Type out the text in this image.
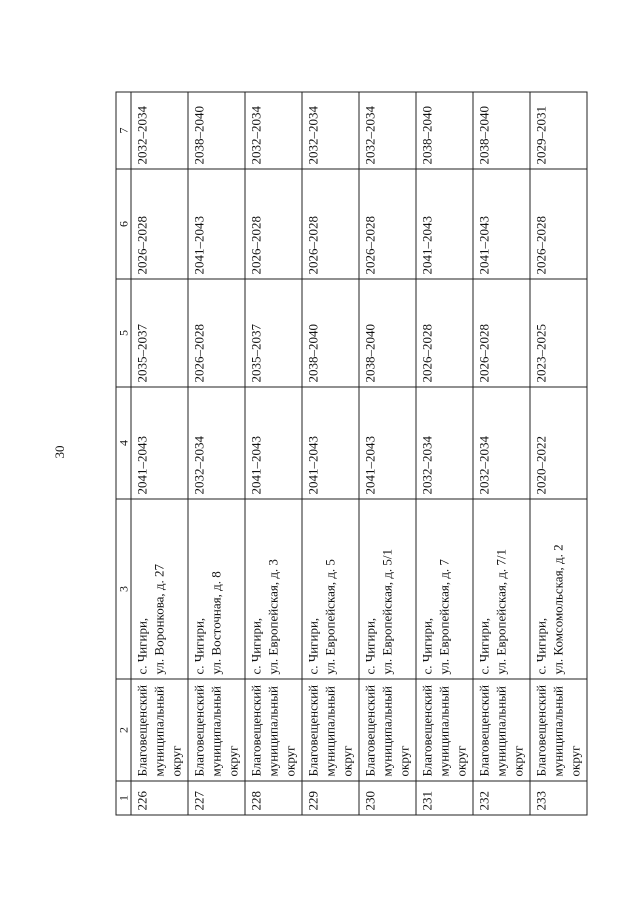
30
1	2	3	4	5	6	7
226	Благовещенский муниципальный округ	с. Чигири, ул. Воронкова, д. 27	2041–2043	2035–2037	2026–2028	2032–2034
227	Благовещенский муниципальный округ	с. Чигири, ул. Восточная, д. 8	2032–2034	2026–2028	2041–2043	2038–2040
228	Благовещенский муниципальный округ	с. Чигири, ул. Европейская, д. 3	2041–2043	2035–2037	2026–2028	2032–2034
229	Благовещенский муниципальный округ	с. Чигири, ул. Европейская, д. 5	2041–2043	2038–2040	2026–2028	2032–2034
230	Благовещенский муниципальный округ	с. Чигири, ул. Европейская, д. 5/1	2041–2043	2038–2040	2026–2028	2032–2034
231	Благовещенский муниципальный округ	с. Чигири, ул. Европейская, д. 7	2032–2034	2026–2028	2041–2043	2038–2040
232	Благовещенский муниципальный округ	с. Чигири, ул. Европейская, д. 7/1	2032–2034	2026–2028	2041–2043	2038–2040
233	Благовещенский муниципальный округ	с. Чигири, ул. Комсомольская, д. 2	2020–2022	2023–2025	2026–2028	2029–2031
